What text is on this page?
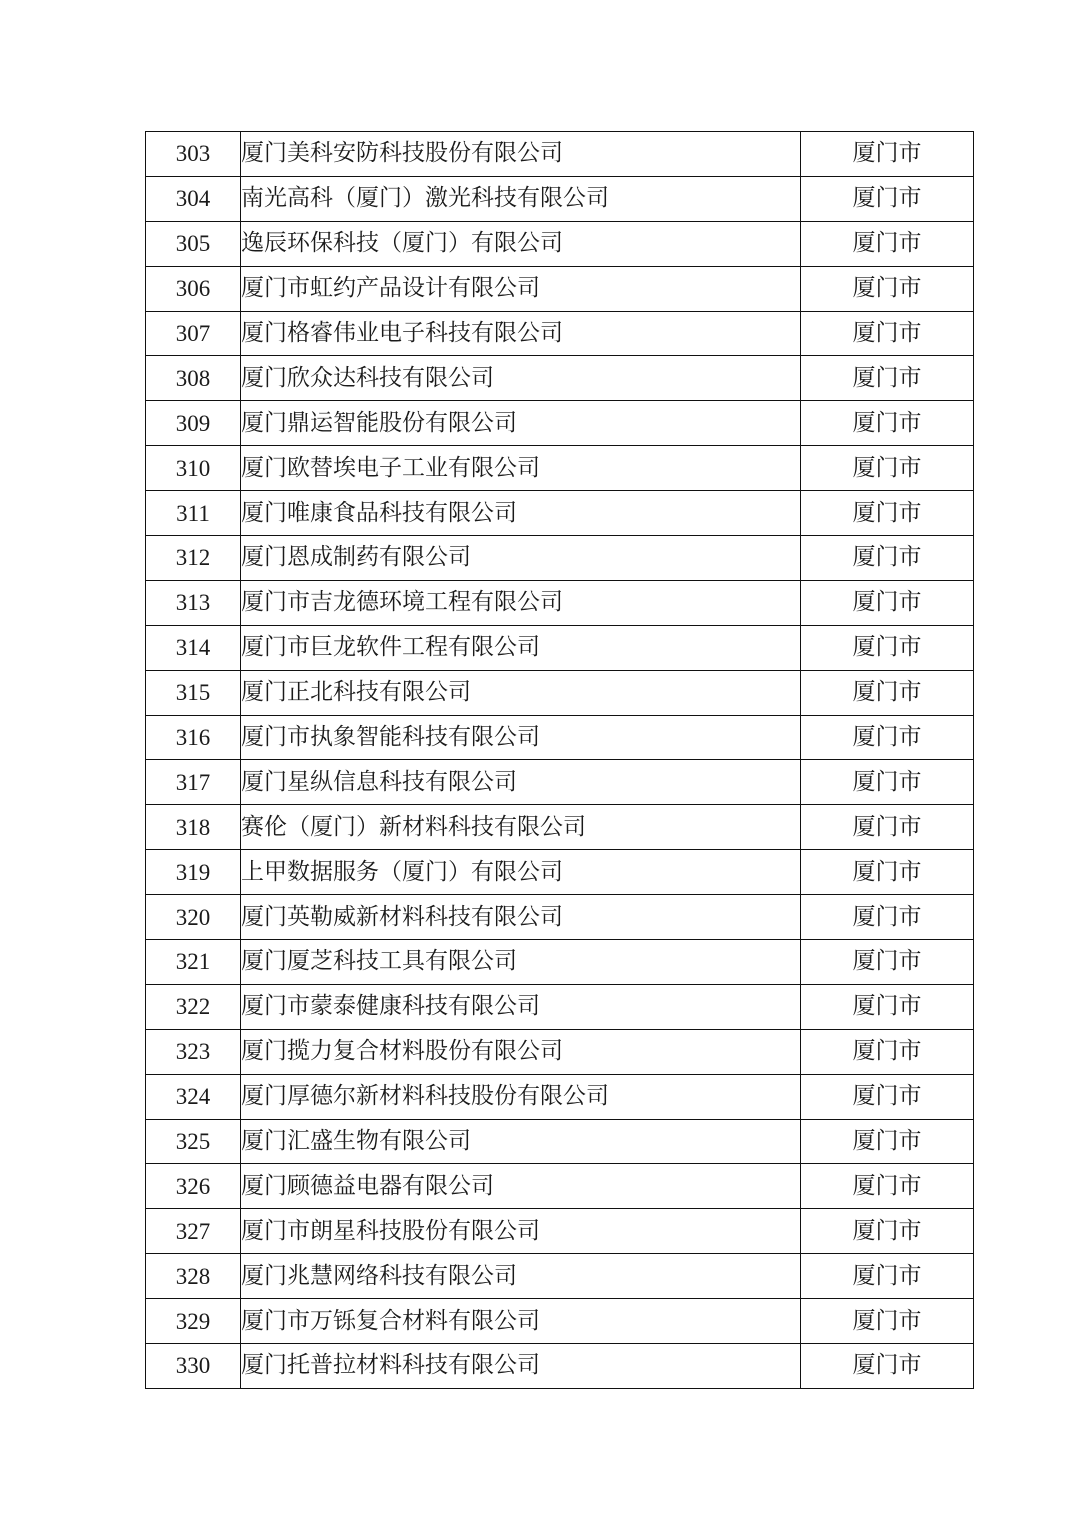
303	厦门美科安防科技股份有限公司	厦门市
304	南光高科（厦门）激光科技有限公司	厦门市
305	逸辰环保科技（厦门）有限公司	厦门市
306	厦门市虹约产品设计有限公司	厦门市
307	厦门格睿伟业电子科技有限公司	厦门市
308	厦门欣众达科技有限公司	厦门市
309	厦门鼎运智能股份有限公司	厦门市
310	厦门欧替埃电子工业有限公司	厦门市
311	厦门唯康食品科技有限公司	厦门市
312	厦门恩成制药有限公司	厦门市
313	厦门市吉龙德环境工程有限公司	厦门市
314	厦门市巨龙软件工程有限公司	厦门市
315	厦门正北科技有限公司	厦门市
316	厦门市执象智能科技有限公司	厦门市
317	厦门星纵信息科技有限公司	厦门市
318	赛伦（厦门）新材料科技有限公司	厦门市
319	上甲数据服务（厦门）有限公司	厦门市
320	厦门英勒威新材料科技有限公司	厦门市
321	厦门厦芝科技工具有限公司	厦门市
322	厦门市蒙泰健康科技有限公司	厦门市
323	厦门揽力复合材料股份有限公司	厦门市
324	厦门厚德尔新材料科技股份有限公司	厦门市
325	厦门汇盛生物有限公司	厦门市
326	厦门顾德益电器有限公司	厦门市
327	厦门市朗星科技股份有限公司	厦门市
328	厦门兆慧网络科技有限公司	厦门市
329	厦门市万铄复合材料有限公司	厦门市
330	厦门托普拉材料科技有限公司	厦门市
